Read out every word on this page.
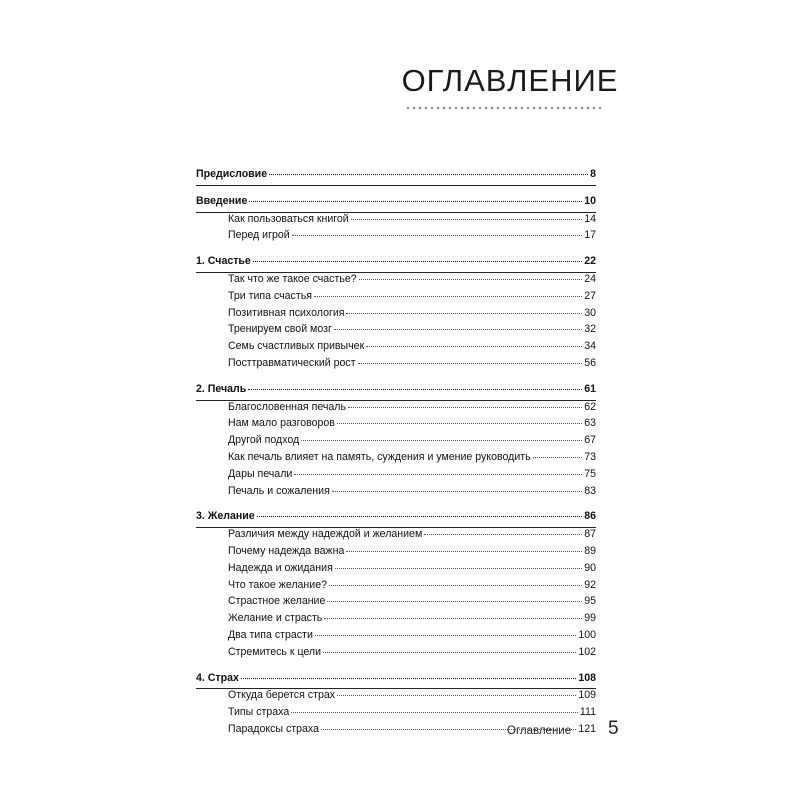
ОГЛАВЛЕНИЕ
Предисловие	8
Введение	10
Как пользоваться книгой	14
Перед игрой	17
1. Счастье	22
Так что же такое счастье?	24
Три типа счастья	27
Позитивная психология	30
Тренируем свой мозг	32
Семь счастливых привычек	34
Посттравматический рост	56
2. Печаль	61
Благословенная печаль	62
Нам мало разговоров	63
Другой подход	67
Как печаль влияет на память, суждения и умение руководить	73
Дары печали	75
Печаль и сожаления	83
3. Желание	86
Различия между надеждой и желанием	87
Почему надежда важна	89
Надежда и ожидания	90
Что такое желание?	92
Страстное желание	95
Желание и страсть	99
Два типа страсти	100
Стремитесь к цели	102
4. Страх	108
Откуда берется страх	109
Типы страха	111
Парадоксы страха	121
Оглавление 5
